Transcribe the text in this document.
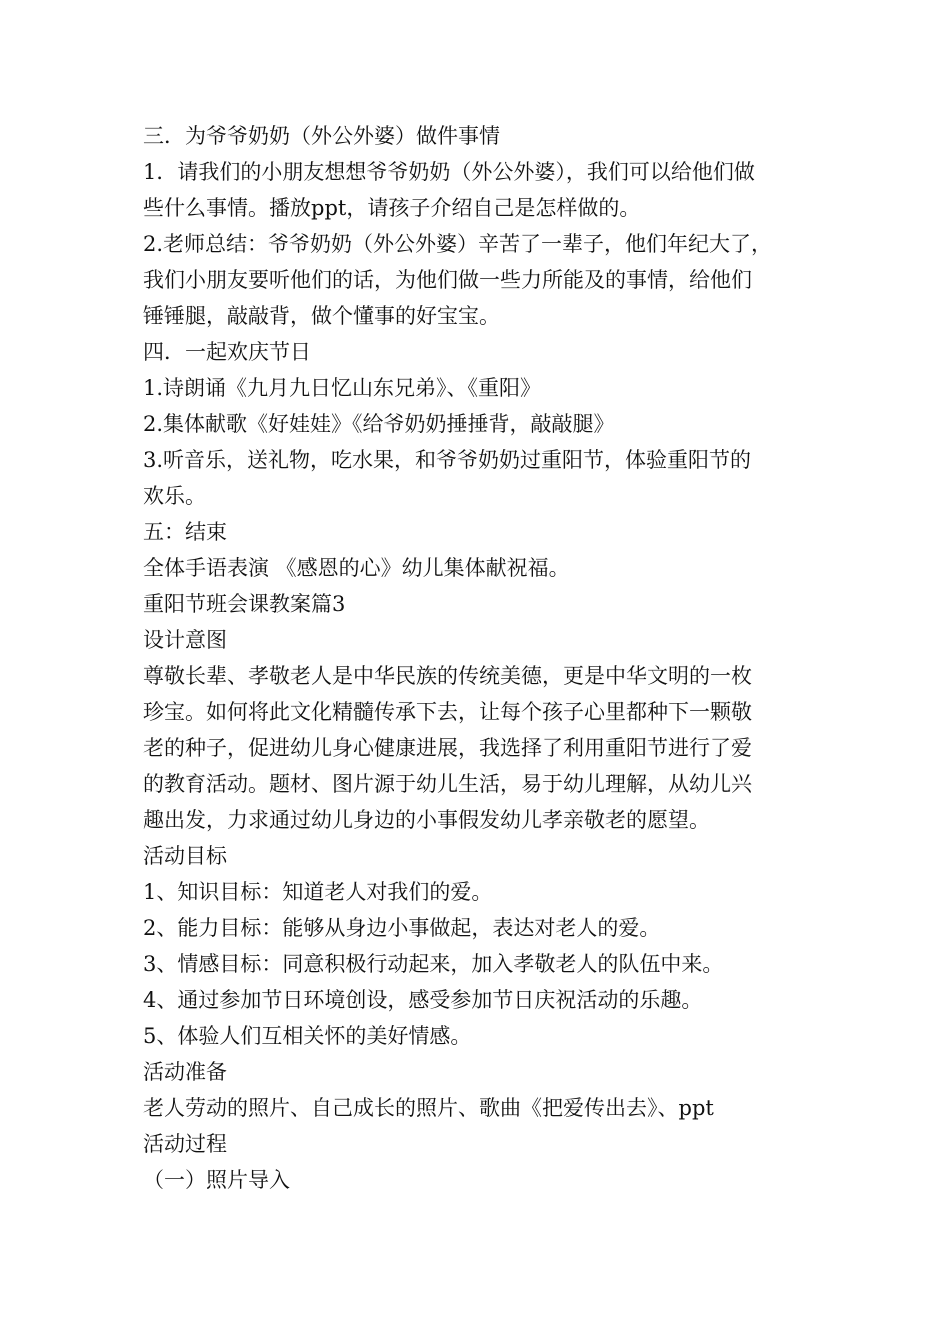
三．为爷爷奶奶（外公外婆）做件事情

1．请我们的小朋友想想爷爷奶奶（外公外婆），我们可以给他们做

些什么事情。播放ppt，请孩子介绍自己是怎样做的。

2.老师总结：爷爷奶奶（外公外婆）辛苦了一辈子，他们年纪大了，

我们小朋友要听他们的话，为他们做一些力所能及的事情，给他们

锤锤腿，敲敲背，做个懂事的好宝宝。

四．一起欢庆节日

1.诗朗诵《九月九日忆山东兄弟》、《重阳》

2.集体献歌《好娃娃》《给爷奶奶捶捶背，敲敲腿》

3.听音乐，送礼物，吃水果，和爷爷奶奶过重阳节，体验重阳节的

欢乐。

五：结束

全体手语表演 《感恩的心》幼儿集体献祝福。

重阳节班会课教案篇3

设计意图

尊敬长辈、孝敬老人是中华民族的传统美德，更是中华文明的一枚

珍宝。如何将此文化精髓传承下去，让每个孩子心里都种下一颗敬

老的种子，促进幼儿身心健康进展，我选择了利用重阳节进行了爱

的教育活动。题材、图片源于幼儿生活，易于幼儿理解，从幼儿兴

趣出发，力求通过幼儿身边的小事假发幼儿孝亲敬老的愿望。

活动目标

1、知识目标：知道老人对我们的爱。

2、能力目标：能够从身边小事做起，表达对老人的爱。

3、情感目标：同意积极行动起来，加入孝敬老人的队伍中来。

4、通过参加节日环境创设，感受参加节日庆祝活动的乐趣。

5、体验人们互相关怀的美好情感。

活动准备

老人劳动的照片、自己成长的照片、歌曲《把爱传出去》、ppt

活动过程

（一）照片导入
